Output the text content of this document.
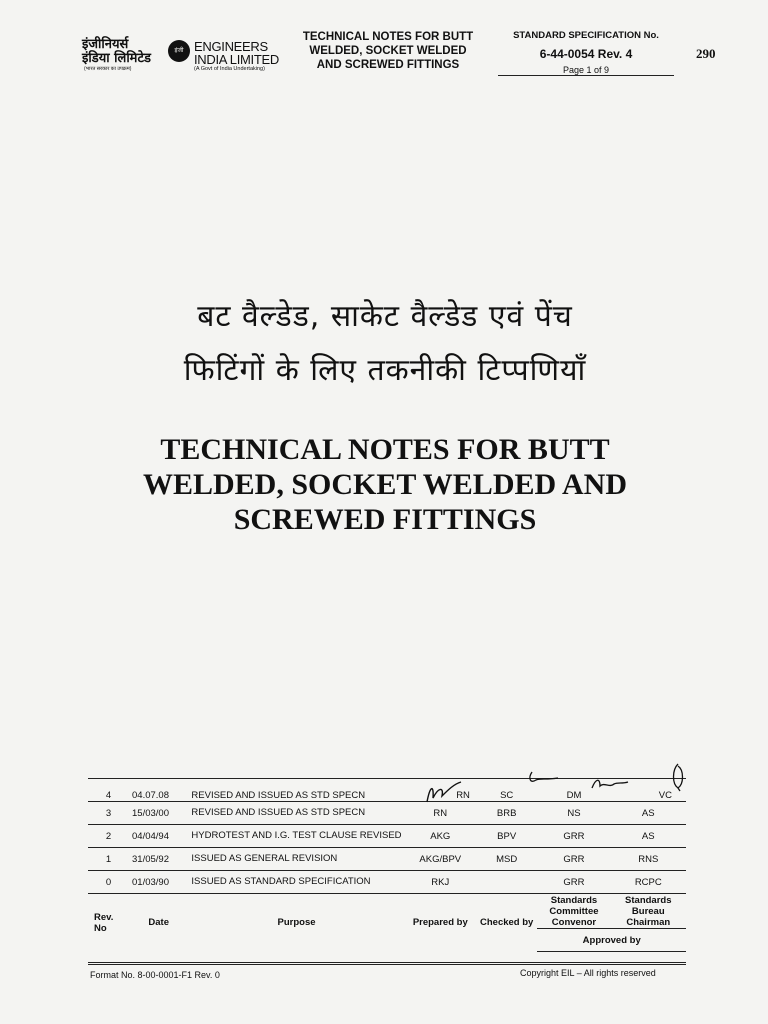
इंजीनियर्स
इंडिया लिमिटेड	इंजी ENGINEERS
INDIA LIMITED
(भारत सरकार का उपक्रम)	(A Govt of India Undertaking)
TECHNICAL NOTES FOR BUTT
WELDED, SOCKET WELDED
AND SCREWED FITTINGS
STANDARD SPECIFICATION No.
6-44-0054 Rev. 4
Page 1 of 9
290
बट वैल्डेड, साकेट वैल्डेड एवं पेंच
फिटिंगों के लिए तकनीकी टिप्पणियाँ
TECHNICAL NOTES FOR BUTT
WELDED, SOCKET WELDED AND
SCREWED FITTINGS
4	04.07.08	REVISED AND ISSUED AS STD SPECN	RN	SC	DM	VC
3	15/03/00	REVISED AND ISSUED AS STD SPECN	RN	BRB	NS	AS
2	04/04/94	HYDROTEST AND I.G. TEST CLAUSE REVISED	AKG	BPV	GRR	AS
1	31/05/92	ISSUED AS GENERAL REVISION	AKG/BPV	MSD	GRR	RNS
0	01/03/90	ISSUED AS STANDARD SPECIFICATION	RKJ		GRR	RCPC
Rev. No	Date	Purpose	Prepared by	Checked by	Standards Committee Convenor	Standards Bureau Chairman
					Approved by	
Format No. 8-00-0001-F1 Rev. 0	Copyright EIL – All rights reserved
